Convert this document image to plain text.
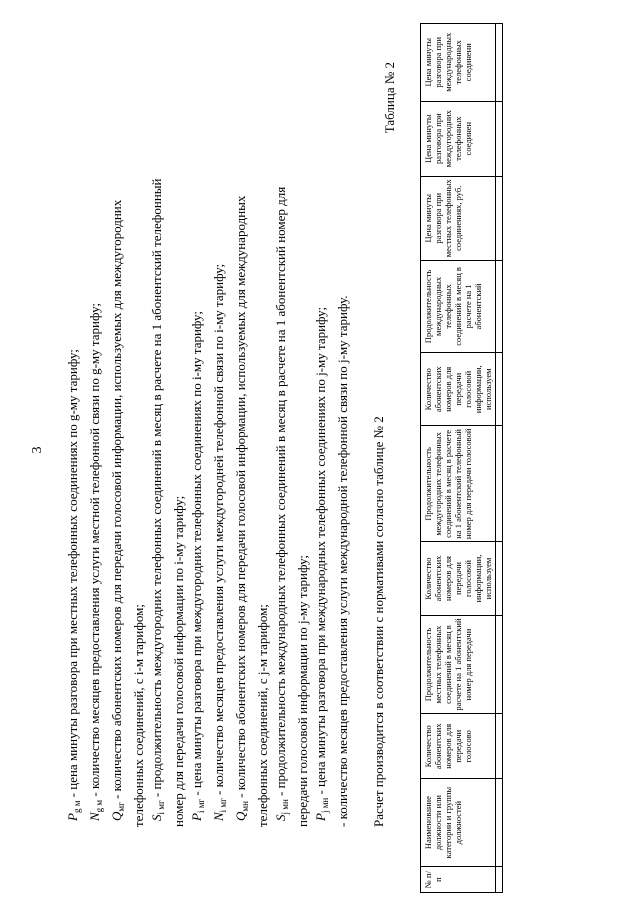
3
$P_{g м}$ - цена минуты разговора при местных телефонных соединениях по g-му тарифу;
$N_{g м}$ - количество месяцев предоставления услуги местной телефонной связи по g-му тарифу;
$Q_{мг}$ - количество абонентских номеров для передачи голосовой информации, используемых для междугородних телефонных соединений, с i-м тарифом; $S_{i мг}$ - продолжительность междугородних телефонных соединений в месяц в расчете на 1 абонентский телефонный номер для передачи голосовой информации по i-му тарифу; $P_{i мг}$ - цена минуты разговора при междугородних телефонных соединениях по i-му тарифу;
$N_{i мг}$ - количество месяцев предоставления услуги междугородней телефонной связи по i-му тарифу;
$Q_{мн}$ - количество абонентских номеров для передачи голосовой информации, используемых для международных телефонных соединений, с j-м тарифом; $S_{j мн}$ - продолжительность международных телефонных соединений в месяц в расчете на 1 абонентский номер для передачи голосовой информации по j-му тарифу; $P_{j мн}$ - цена минуты разговора при международных телефонных соединениях по j-му тарифу; - количество месяцев предоставления услуги международной телефонной связи по j-му тарифу.
Расчет производится в соответствии с нормативами согласно таблице № 2
Таблица № 2
№ п/п	Наименование должности или категории и группы должностей	Количество абонентских номеров для передачи голосово	Продолжительность местных телефонных соединений в месяц в расчете на 1 абонентский номер для передачи	Количество абонентских номеров для передачи голосовой информации, используем	Продолжительность междугородних телефонных соединений в месяц в расчете на 1 абонентский телефонный номер для передачи голосовой	Количество абонентских номеров для передачи голосовой информации, используем	Продолжительность международных телефонных соединений в месяц в расчете на 1 абонентский	Цена минуты разговора при местных телефонных соединениях, руб.	Цена минуты разговора при междугородних телефонных соединен	Цена минуты разговора при международных телефонных соединени
